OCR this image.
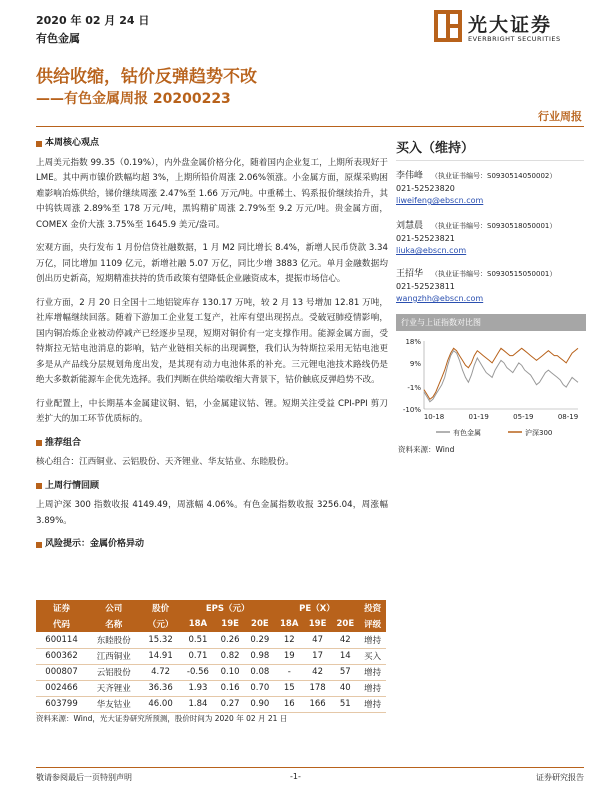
2020 年 02 月 24 日
有色金属
光大证券
EVERBRIGHT SECURITIES
供给收缩，钴价反弹趋势不改
——有色金属周报 20200223
行业周报
本周核心观点
上周美元指数 99.35（0.19%），内外盘金属价格分化，随着国内企业复工，上期所表现好于 LME。其中两市镍价跌幅均超 3%，上期所铅价周涨 2.06%领涨。小金属方面，原煤采购困难影响冶炼供给，锑价继续周涨 2.47%至 1.66 万元/吨。中重稀土、钨系报价继续抬升，其中钨铁周涨 2.89%至 178 万元/吨，黑钨精矿周涨 2.79%至 9.2 万元/吨。贵金属方面，COMEX 金价大涨 3.75%至 1645.9 美元/盎司。
宏观方面，央行发布 1 月份信贷社融数据，1 月 M2 同比增长 8.4%，新增人民币贷款 3.34 万亿，同比增加 1109 亿元，新增社融 5.07 万亿，同比少增 3883 亿元。单月金融数据均创出历史新高，短期精准扶持的货币政策有望降低企业融资成本，提振市场信心。
行业方面，2 月 20 日全国十二地铝锭库存 130.17 万吨，较 2 月 13 号增加 12.81 万吨，社库增幅继续回落。随着下游加工企业复工复产，社库有望出现拐点。受破冠肺疫情影响，国内铜冶炼企业被动停减产已经逐步呈现，短期对铜价有一定支撑作用。能源金属方面，受特斯拉无钴电池消息的影响，钴产业链相关标的出现调整，我们认为特斯拉采用无钴电池更多是从产品线分层规划角度出发，是其现有动力电池体系的补充。三元锂电池技术路线仍是绝大多数新能源车企优先选择。我们判断在供给端收缩大背景下，钴价触底反弹趋势不改。
行业配置上，中长期基本金属建议铜、铝，小金属建议钴、锂。短期关注受益 CPI-PPI 剪刀差扩大的加工环节优质标的。
推荐组合
核心组合：江西铜业、云铝股份、天齐锂业、华友钴业、东睦股份。
上周行情回顾
上周沪深 300 指数收报 4149.49，周涨幅 4.06%。有色金属指数收报 3256.04，周涨幅 3.89%。
风险提示：金属价格异动
买入（维持）
李伟峰 （执业证书编号：S0930514050002）
021-52523820
liweifeng@ebscn.com
刘慧晨 （执业证书编号：S0930518050001）
021-52523821
liuka@ebscn.com
王招华 （执业证书编号：S0930515050001）
021-52523811
wangzhh@ebscn.com
行业与上证指数对比图
18%
9%
-1%
-10%
10-18	01-19	05-19	08-19
有色金属	沪深300
资料来源：Wind
证券	公司	股价	EPS（元）			PE（X）			投资
代码	名称	（元）	18A	19E	20E	18A	19E	20E	评级
600114	东睦股份	15.32	0.51	0.26	0.29	12	47	42	增持
600362	江西铜业	14.91	0.71	0.82	0.98	19	17	14	买入
000807	云铝股份	4.72	-0.56	0.10	0.08	-	42	57	增持
002466	天齐锂业	36.36	1.93	0.16	0.70	15	178	40	增持
603799	华友钴业	46.00	1.84	0.27	0.90	16	166	51	增持
资料来源：Wind，光大证券研究所预测，股价时间为 2020 年 02 月 21 日
敬请参阅最后一页特别声明	-1-	证券研究报告
